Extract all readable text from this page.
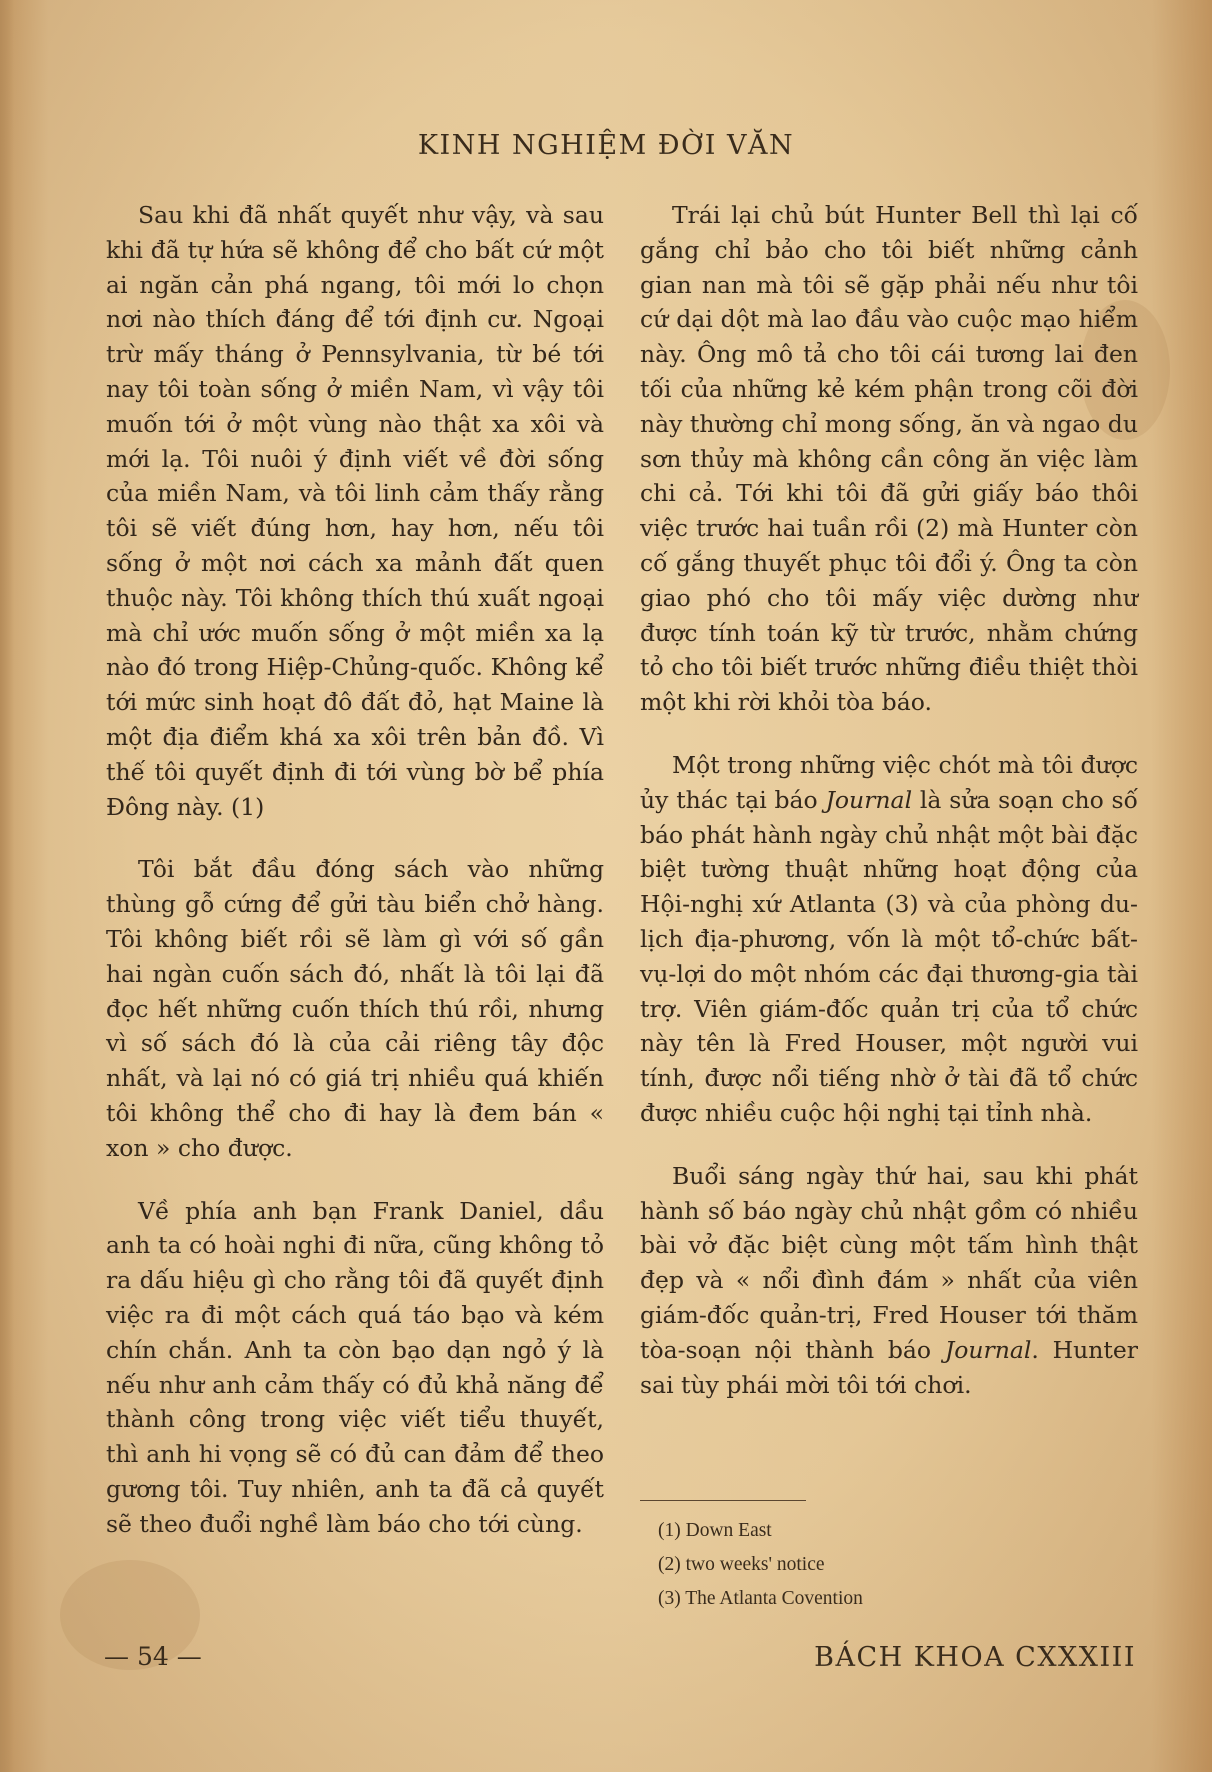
KINH NGHIỆM ĐỜI VĂN

Sau khi đã nhất quyết như vậy, và sau khi đã tự hứa sẽ không để cho bất cứ một ai ngăn cản phá ngang, tôi mới lo chọn nơi nào thích đáng để tới định cư. Ngoại trừ mấy tháng ở Pennsylvania, từ bé tới nay tôi toàn sống ở miền Nam, vì vậy tôi muốn tới ở một vùng nào thật xa xôi và mới lạ. Tôi nuôi ý định viết về đời sống của miền Nam, và tôi linh cảm thấy rằng tôi sẽ viết đúng hơn, hay hơn, nếu tôi sống ở một nơi cách xa mảnh đất quen thuộc này. Tôi không thích thú xuất ngoại mà chỉ ước muốn sống ở một miền xa lạ nào đó trong Hiệp-Chủng-quốc. Không kể tới mức sinh hoạt đô đất đỏ, hạt Maine là một địa điểm khá xa xôi trên bản đồ. Vì thế tôi quyết định đi tới vùng bờ bể phía Đông này. (1)

Tôi bắt đầu đóng sách vào những thùng gỗ cứng để gửi tàu biển chở hàng. Tôi không biết rồi sẽ làm gì với số gần hai ngàn cuốn sách đó, nhất là tôi lại đã đọc hết những cuốn thích thú rồi, nhưng vì số sách đó là của cải riêng tây độc nhất, và lại nó có giá trị nhiều quá khiến tôi không thể cho đi hay là đem bán « xon » cho được.

Về phía anh bạn Frank Daniel, dầu anh ta có hoài nghi đi nữa, cũng không tỏ ra dấu hiệu gì cho rằng tôi đã quyết định việc ra đi một cách quá táo bạo và kém chín chắn. Anh ta còn bạo dạn ngỏ ý là nếu như anh cảm thấy có đủ khả năng để thành công trong việc viết tiểu thuyết, thì anh hi vọng sẽ có đủ can đảm để theo gương tôi. Tuy nhiên, anh ta đã cả quyết sẽ theo đuổi nghề làm báo cho tới cùng.

Trái lại chủ bút Hunter Bell thì lại cố gắng chỉ bảo cho tôi biết những cảnh gian nan mà tôi sẽ gặp phải nếu như tôi cứ dại dột mà lao đầu vào cuộc mạo hiểm này. Ông mô tả cho tôi cái tương lai đen tối của những kẻ kém phận trong cõi đời này thường chỉ mong sống, ăn và ngao du sơn thủy mà không cần công ăn việc làm chi cả. Tới khi tôi đã gửi giấy báo thôi việc trước hai tuần rồi (2) mà Hunter còn cố gắng thuyết phục tôi đổi ý. Ông ta còn giao phó cho tôi mấy việc dường như được tính toán kỹ từ trước, nhằm chứng tỏ cho tôi biết trước những điều thiệt thòi một khi rời khỏi tòa báo.

Một trong những việc chót mà tôi được ủy thác tại báo Journal là sửa soạn cho số báo phát hành ngày chủ nhật một bài đặc biệt tường thuật những hoạt động của Hội-nghị xứ Atlanta (3) và của phòng du-lịch địa-phương, vốn là một tổ-chức bất-vụ-lợi do một nhóm các đại thương-gia tài trợ. Viên giám-đốc quản trị của tổ chức này tên là Fred Houser, một người vui tính, được nổi tiếng nhờ ở tài đã tổ chức được nhiều cuộc hội nghị tại tỉnh nhà.

Buổi sáng ngày thứ hai, sau khi phát hành số báo ngày chủ nhật gồm có nhiều bài vở đặc biệt cùng một tấm hình thật đẹp và « nổi đình đám » nhất của viên giám-đốc quản-trị, Fred Houser tới thăm tòa-soạn nội thành báo Journal. Hunter sai tùy phái mời tôi tới chơi.

(1) Down East
(2) two weeks' notice
(3) The Atlanta Covention
— 54 —	BÁCH KHOA CXXXIII
